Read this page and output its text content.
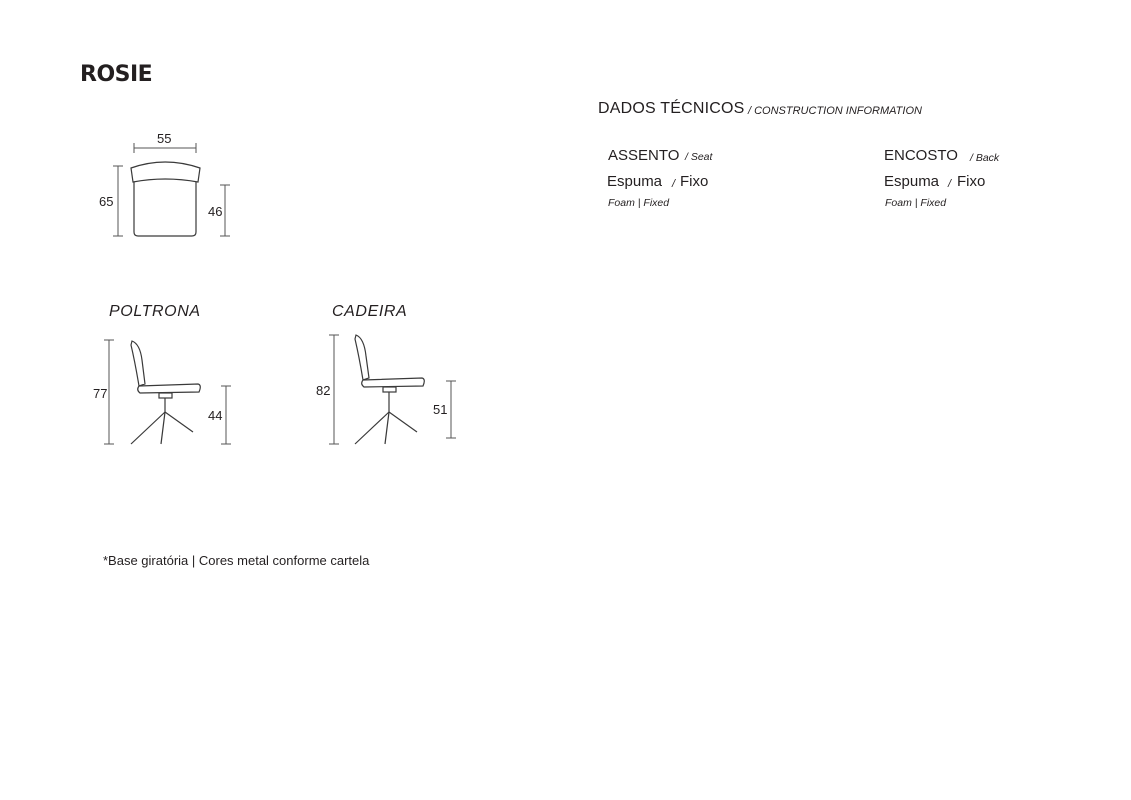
ROSIE
55
65
46
POLTRONA
77
44
CADEIRA
82
51
DADOS TÉCNICOS / CONSTRUCTION INFORMATION
ASSENTO / Seat
Espuma / Fixo
Foam | Fixed
ENCOSTO / Back
Espuma / Fixo
Foam | Fixed
*Base giratória | Cores metal conforme cartela
